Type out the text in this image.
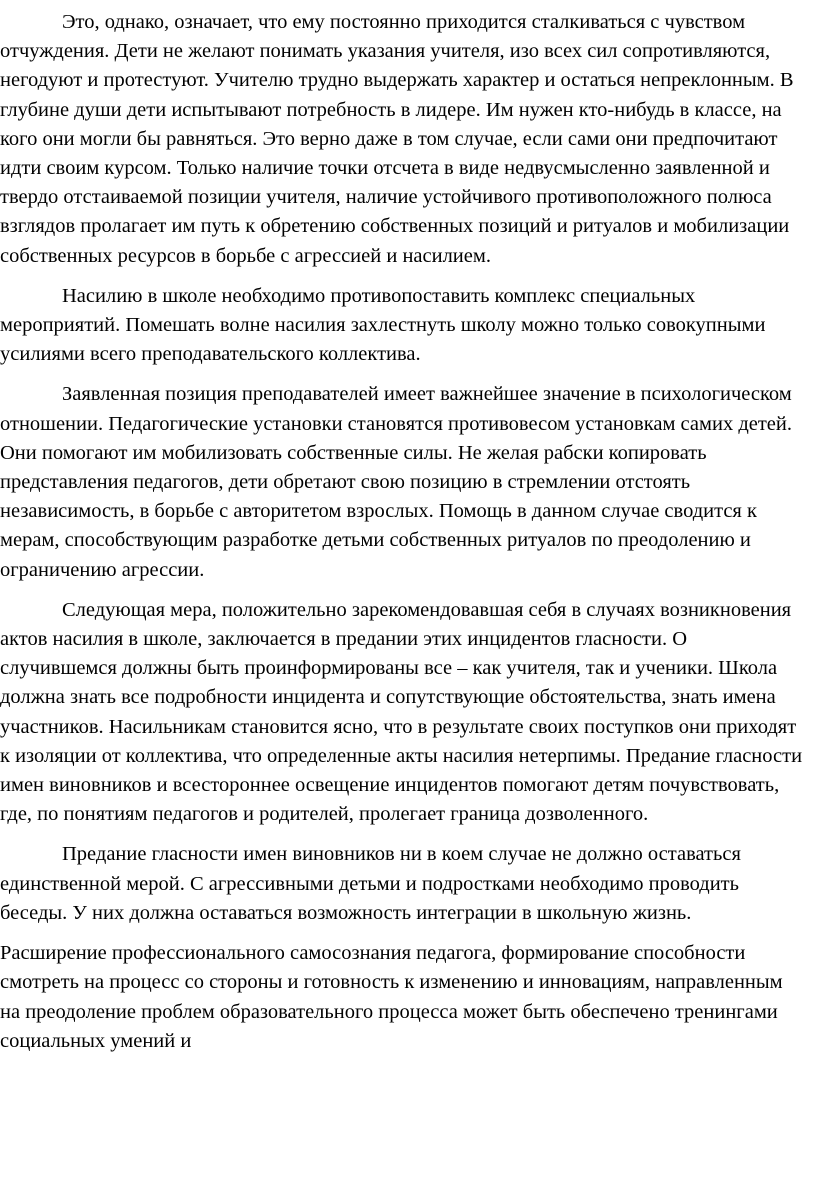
Это, однако, означает, что ему постоянно приходится сталкиваться с чувством отчуждения. Дети не желают понимать указания учителя, изо всех сил сопротивляются, негодуют и протестуют. Учителю трудно выдержать характер и остаться непреклонным. В глубине души дети испытывают потребность в лидере. Им нужен кто-нибудь в классе, на кого они могли бы равняться. Это верно даже в том случае, если сами они предпочитают идти своим курсом. Только наличие точки отсчета в виде недвусмысленно заявленной и твердо отстаиваемой позиции учителя, наличие устойчивого противоположного полюса взглядов пролагает им путь к обретению собственных позиций и ритуалов и мобилизации собственных ресурсов в борьбе с агрессией и насилием.

Насилию в школе необходимо противопоставить комплекс специальных мероприятий. Помешать волне насилия захлестнуть школу можно только совокупными усилиями всего преподавательского коллектива.

Заявленная позиция преподавателей имеет важнейшее значение в психологическом отношении. Педагогические установки становятся противовесом установкам самих детей. Они помогают им мобилизовать собственные силы. Не желая рабски копировать представления педагогов, дети обретают свою позицию в стремлении отстоять независимость, в борьбе с авторитетом взрослых. Помощь в данном случае сводится к мерам, способствующим разработке детьми собственных ритуалов по преодолению и ограничению агрессии.

Следующая мера, положительно зарекомендовавшая себя в случаях возникновения актов насилия в школе, заключается в предании этих инцидентов гласности. О случившемся должны быть проинформированы все – как учителя, так и ученики. Школа должна знать все подробности инцидента и сопутствующие обстоятельства, знать имена участников. Насильникам становится ясно, что в результате своих поступков они приходят к изоляции от коллектива, что определенные акты насилия нетерпимы. Предание гласности имен виновников и всестороннее освещение инцидентов помогают детям почувствовать, где, по понятиям педагогов и родителей, пролегает граница дозволенного.

Предание гласности имен виновников ни в коем случае не должно оставаться единственной мерой. С агрессивными детьми и подростками необходимо проводить беседы. У них должна оставаться возможность интеграции в школьную жизнь.

Расширение профессионального самосознания педагога, формирование способности смотреть на процесс со стороны и готовность к изменению и инновациям, направленным на преодоление проблем образовательного процесса может быть обеспечено тренингами социальных умений и
